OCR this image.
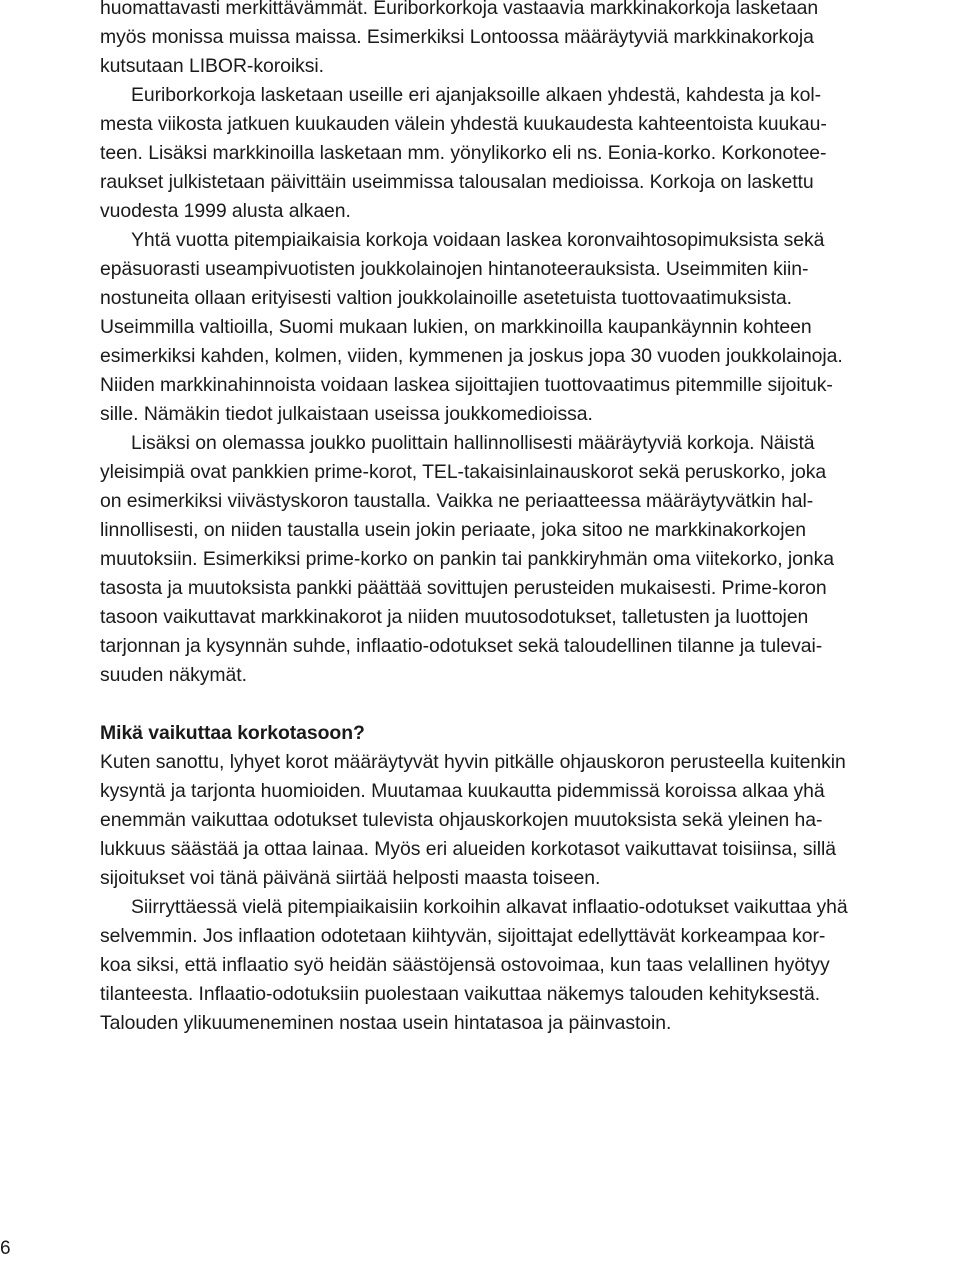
huomattavasti merkittävämmät. Euriborkorkoja vastaavia markkinakorkoja lasketaan
myös monissa muissa maissa. Esimerkiksi Lontoossa määräytyviä markkinakorkoja
kutsutaan LIBOR-koroiksi.
Euriborkorkoja lasketaan useille eri ajanjaksoille alkaen yhdestä, kahdesta ja kol-
mesta viikosta jatkuen kuukauden välein yhdestä kuukaudesta kahteentoista kuukau-
teen. Lisäksi markkinoilla lasketaan mm. yönylikorko eli ns. Eonia-korko. Korkonotee-
raukset julkistetaan päivittäin useimmissa talousalan medioissa. Korkoja on laskettu
vuodesta 1999 alusta alkaen.
Yhtä vuotta pitempiaikaisia korkoja voidaan laskea koronvaihtosopimuksista sekä
epäsuorasti useampivuotisten joukkolainojen hintanoteerauksista. Useimmiten kiin-
nostuneita ollaan erityisesti valtion joukkolainoille asetetuista tuottovaatimuksista.
Useimmilla valtioilla, Suomi mukaan lukien, on markkinoilla kaupankäynnin kohteen
esimerkiksi kahden, kolmen, viiden, kymmenen ja joskus jopa 30 vuoden joukkolainoja.
Niiden markkinahinnoista voidaan laskea sijoittajien tuottovaatimus pitemmille sijoituk-
sille. Nämäkin tiedot julkaistaan useissa joukkomedioissa.
Lisäksi on olemassa joukko puolittain hallinnollisesti määräytyviä korkoja. Näistä
yleisimpiä ovat pankkien prime-korot, TEL-takaisinlainauskorot sekä peruskorko, joka
on esimerkiksi viivästyskoron taustalla. Vaikka ne periaatteessa määräytyvätkin hal-
linnollisesti, on niiden taustalla usein jokin periaate, joka sitoo ne markkinakorkojen
muutoksiin. Esimerkiksi prime-korko on pankin tai pankkiryhmän oma viitekorko, jonka
tasosta ja muutoksista pankki päättää sovittujen perusteiden mukaisesti. Prime-koron
tasoon vaikuttavat markkinakorot ja niiden muutosodotukset, talletusten ja luottojen
tarjonnan ja kysynnän suhde, inflaatio-odotukset sekä taloudellinen tilanne ja tulevai-
suuden näkymät.
Mikä vaikuttaa korkotasoon?
Kuten sanottu, lyhyet korot määräytyvät hyvin pitkälle ohjauskoron perusteella kuitenkin
kysyntä ja tarjonta huomioiden. Muutamaa kuukautta pidemmissä koroissa alkaa yhä
enemmän vaikuttaa odotukset tulevista ohjauskorkojen muutoksista sekä yleinen ha-
lukkuus säästää ja ottaa lainaa. Myös eri alueiden korkotasot vaikuttavat toisiinsa, sillä
sijoitukset voi tänä päivänä siirtää helposti maasta toiseen.
Siirryttäessä vielä pitempiaikaisiin korkoihin alkavat inflaatio-odotukset vaikuttaa yhä
selvemmin. Jos inflaation odotetaan kiihtyvän, sijoittajat edellyttävät korkeampaa kor-
koa siksi, että inflaatio syö heidän säästöjensä ostovoimaa, kun taas velallinen hyötyy
tilanteesta. Inflaatio-odotuksiin puolestaan vaikuttaa näkemys talouden kehityksestä.
Talouden ylikuumeneminen nostaa usein hintatasoa ja päinvastoin.
6
